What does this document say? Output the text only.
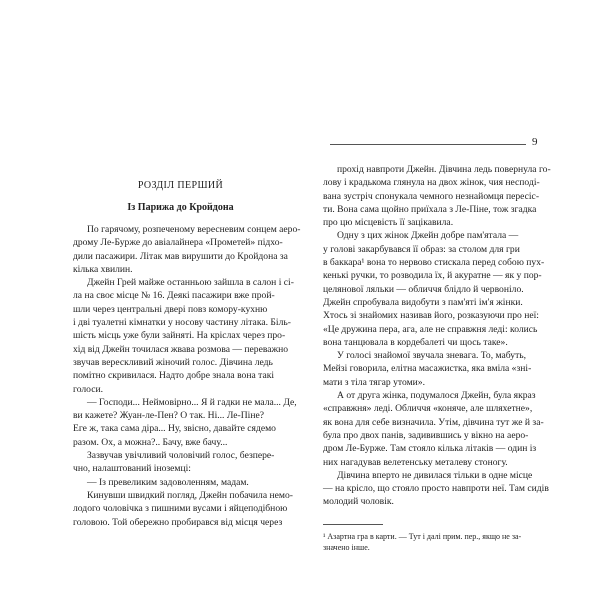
9
РОЗДІЛ ПЕРШИЙ
Із Парижа до Кройдона

По гарячому, розпеченому вересневим сонцем аеро-
дрому Ле-Бурже до авіалайнера «Прометей» підхо-
дили пасажири. Літак мав вирушити до Кройдона за
кілька хвилин.

Джейн Грей майже останньою зайшла в салон і сі-
ла на своє місце № 16. Деякі пасажири вже прой-
шли через центральні двері повз комору-кухню
і дві туалетні кімнатки у носову частину літака. Біль-
шість місць уже були зайняті. На кріслах через про-
хід від Джейн точилася жвава розмова — переважно
звучав верескливий жіночий голос. Дівчина ледь
помітно скривилася. Надто добре знала вона такі
голоси.

— Господи... Неймовірно... Я й гадки не мала... Де,
ви кажете? Жуан-ле-Пен? О так. Ні... Ле-Піне?
Еге ж, така сама діра... Ну, звісно, давайте сядемо
разом. Ох, а можна?.. Бачу, вже бачу...

Зазвучав увічливий чоловічий голос, безпере-
чно, налаштований іноземці:

— Із превеликим задоволенням, мадам.

Кинувши швидкий погляд, Джейн побачила немо-
лодого чоловічка з пишними вусами і яйцеподібною
головою. Той обережно пробирався від місця через

прохід навпроти Джейн. Дівчина ледь повернула го-
лову і крадькома глянула на двох жінок, чия несподі-
вана зустріч спонукала чемного незнайомця пересіс-
ти. Вона сама щойно приїхала з Ле-Піне, тож згадка
про цю місцевість її зацікавила.

Одну з цих жінок Джейн добре пам'ятала —
у голові закарбувався її образ: за столом для гри
в баккара¹ вона то нервово стискала перед собою пух-
кенькі ручки, то розводила їх, й акуратне — як у пор-
целянової ляльки — обличчя блідло й червоніло.
Джейн спробувала видобути з пам'яті ім'я жінки.
Хтось зі знайомих називав його, розказуючи про неї:
«Це дружина пера, ага, але не справжня леді: колись
вона танцювала в кордебалеті чи щось таке».

У голосі знайомої звучала зневага. То, мабуть,
Мейзі говорила, елітна масажистка, яка вміла «зні-
мати з тіла тягар утоми».

А от друга жінка, подумалося Джейн, була якраз
«справжня» леді. Обличчя «коняче, але шляхетне»,
як вона для себе визначила. Утім, дівчина тут же й за-
була про двох панів, задивившись у вікно на аеро-
дром Ле-Бурже. Там стояло кілька літаків — один із
них нагадував велетенську металеву стоногу.

Дівчина вперто не дивилася тільки в одне місце
— на крісло, що стояло просто навпроти неї. Там сидів
молодий чоловік.

¹ Азартна гра в карти. — Тут і далі прим. пер., якщо не за-
значено інше.
